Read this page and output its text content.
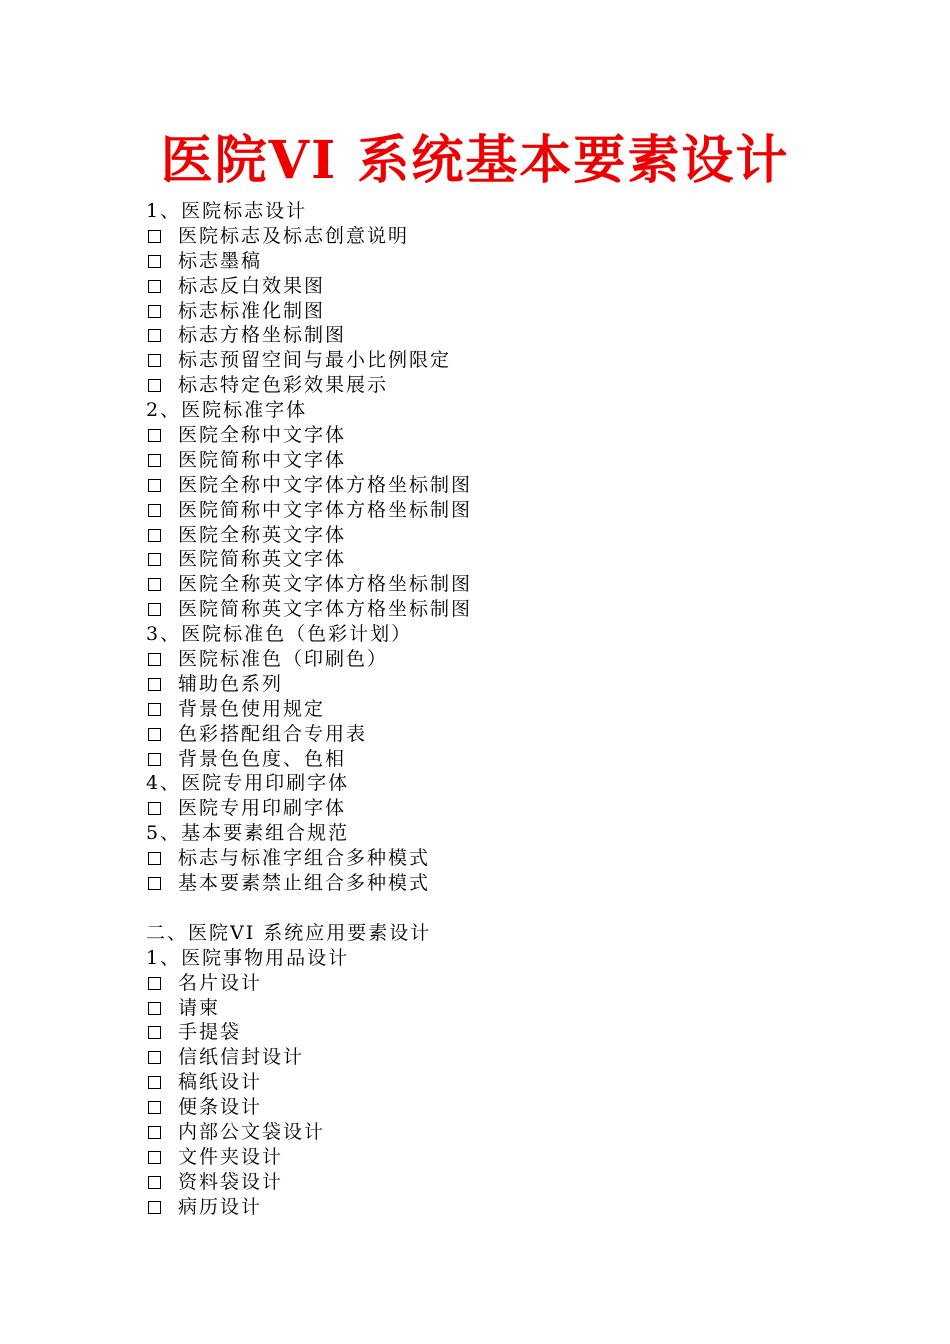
医院VI 系统基本要素设计
1、医院标志设计
医院标志及标志创意说明
标志墨稿
标志反白效果图
标志标准化制图
标志方格坐标制图
标志预留空间与最小比例限定
标志特定色彩效果展示
2、医院标准字体
医院全称中文字体
医院简称中文字体
医院全称中文字体方格坐标制图
医院简称中文字体方格坐标制图
医院全称英文字体
医院简称英文字体
医院全称英文字体方格坐标制图
医院简称英文字体方格坐标制图
3、医院标准色（色彩计划）
医院标准色（印刷色）
辅助色系列
背景色使用规定
色彩搭配组合专用表
背景色色度、色相
4、医院专用印刷字体
医院专用印刷字体
5、基本要素组合规范
标志与标准字组合多种模式
基本要素禁止组合多种模式
二、医院VI 系统应用要素设计
1、医院事物用品设计
名片设计
请柬
手提袋
信纸信封设计
稿纸设计
便条设计
内部公文袋设计
文件夹设计
资料袋设计
病历设计
